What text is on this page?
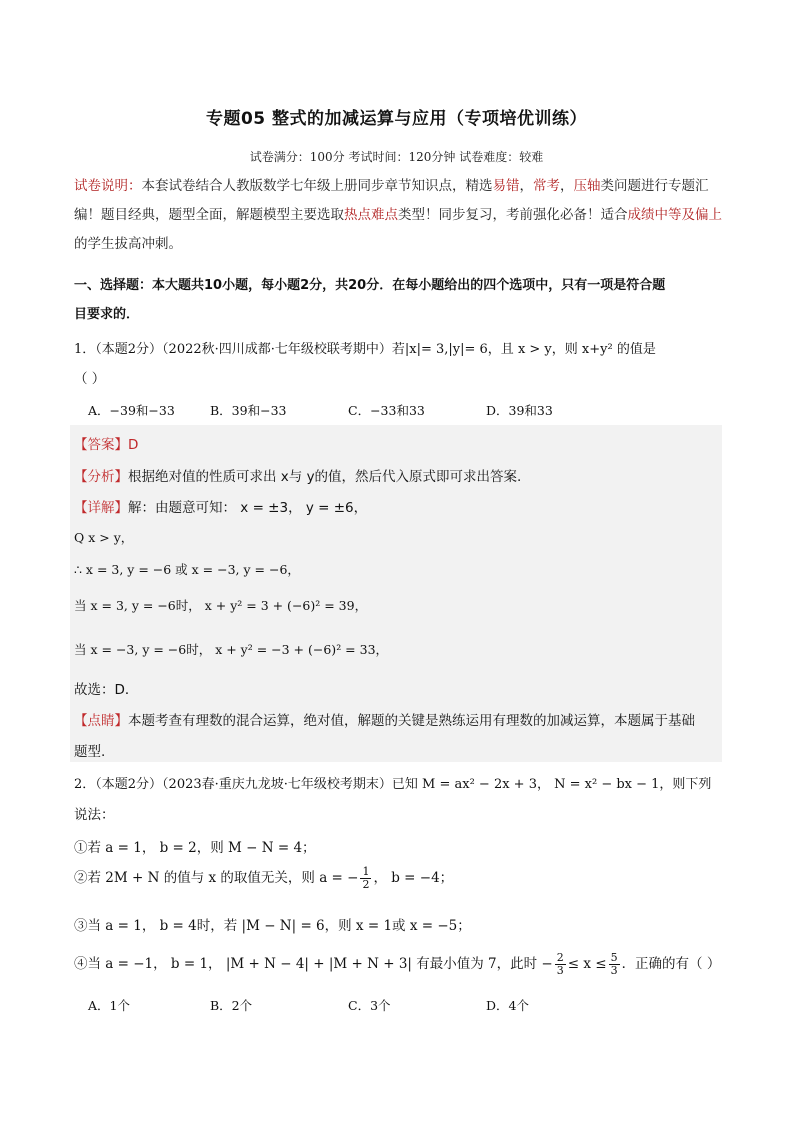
专题05 整式的加减运算与应用（专项培优训练）
试卷满分：100分 考试时间：120分钟 试卷难度：较难
试卷说明：本套试卷结合人教版数学七年级上册同步章节知识点，精选易错，常考，压轴类问题进行专题汇编！题目经典，题型全面，解题模型主要选取热点难点类型！同步复习，考前强化必备！适合成绩中等及偏上的学生拔高冲刺。
一、选择题：本大题共10小题，每小题2分，共20分．在每小题给出的四个选项中，只有一项是符合题
目要求的．
1．（本题2分）（2022秋·四川成都·七年级校联考期中）若|x|= 3,|y|= 6，且 x > y，则 x+y² 的值是
（ ）
A．−39和−33	B．39和−33	C．−33和33	D．39和33
【答案】D
【分析】根据绝对值的性质可求出 x与 y的值，然后代入原式即可求出答案.
【详解】解：由题意可知： x = ±3， y = ±6，
Q x > y，
∴ x = 3, y = −6 或 x = −3, y = −6，
当 x = 3, y = −6时， x + y² = 3 + (−6)² = 39，
当 x = −3, y = −6时， x + y² = −3 + (−6)² = 33，
故选：D．
【点睛】本题考查有理数的混合运算，绝对值，解题的关键是熟练运用有理数的加减运算，本题属于基础
题型.
2．（本题2分）（2023春·重庆九龙坡·七年级校考期末）已知 M = ax² − 2x + 3， N = x² − bx − 1，则下列
说法：
①若 a = 1， b = 2，则 M − N = 4；
②若 2M + N 的值与 x 的取值无关，则 a = − $\frac{1}{2}$ ， b = −4；
③当 a = 1， b = 4时，若 |M − N| = 6，则 x = 1或 x = −5；
④当 a = −1， b = 1， |M + N − 4| + |M + N + 3| 有最小值为 7，此时 − $\frac{2}{3} \le x \le \frac{5}{3}$ ．正确的有（ ）
A．1个	B．2个	C．3个	D．4个
